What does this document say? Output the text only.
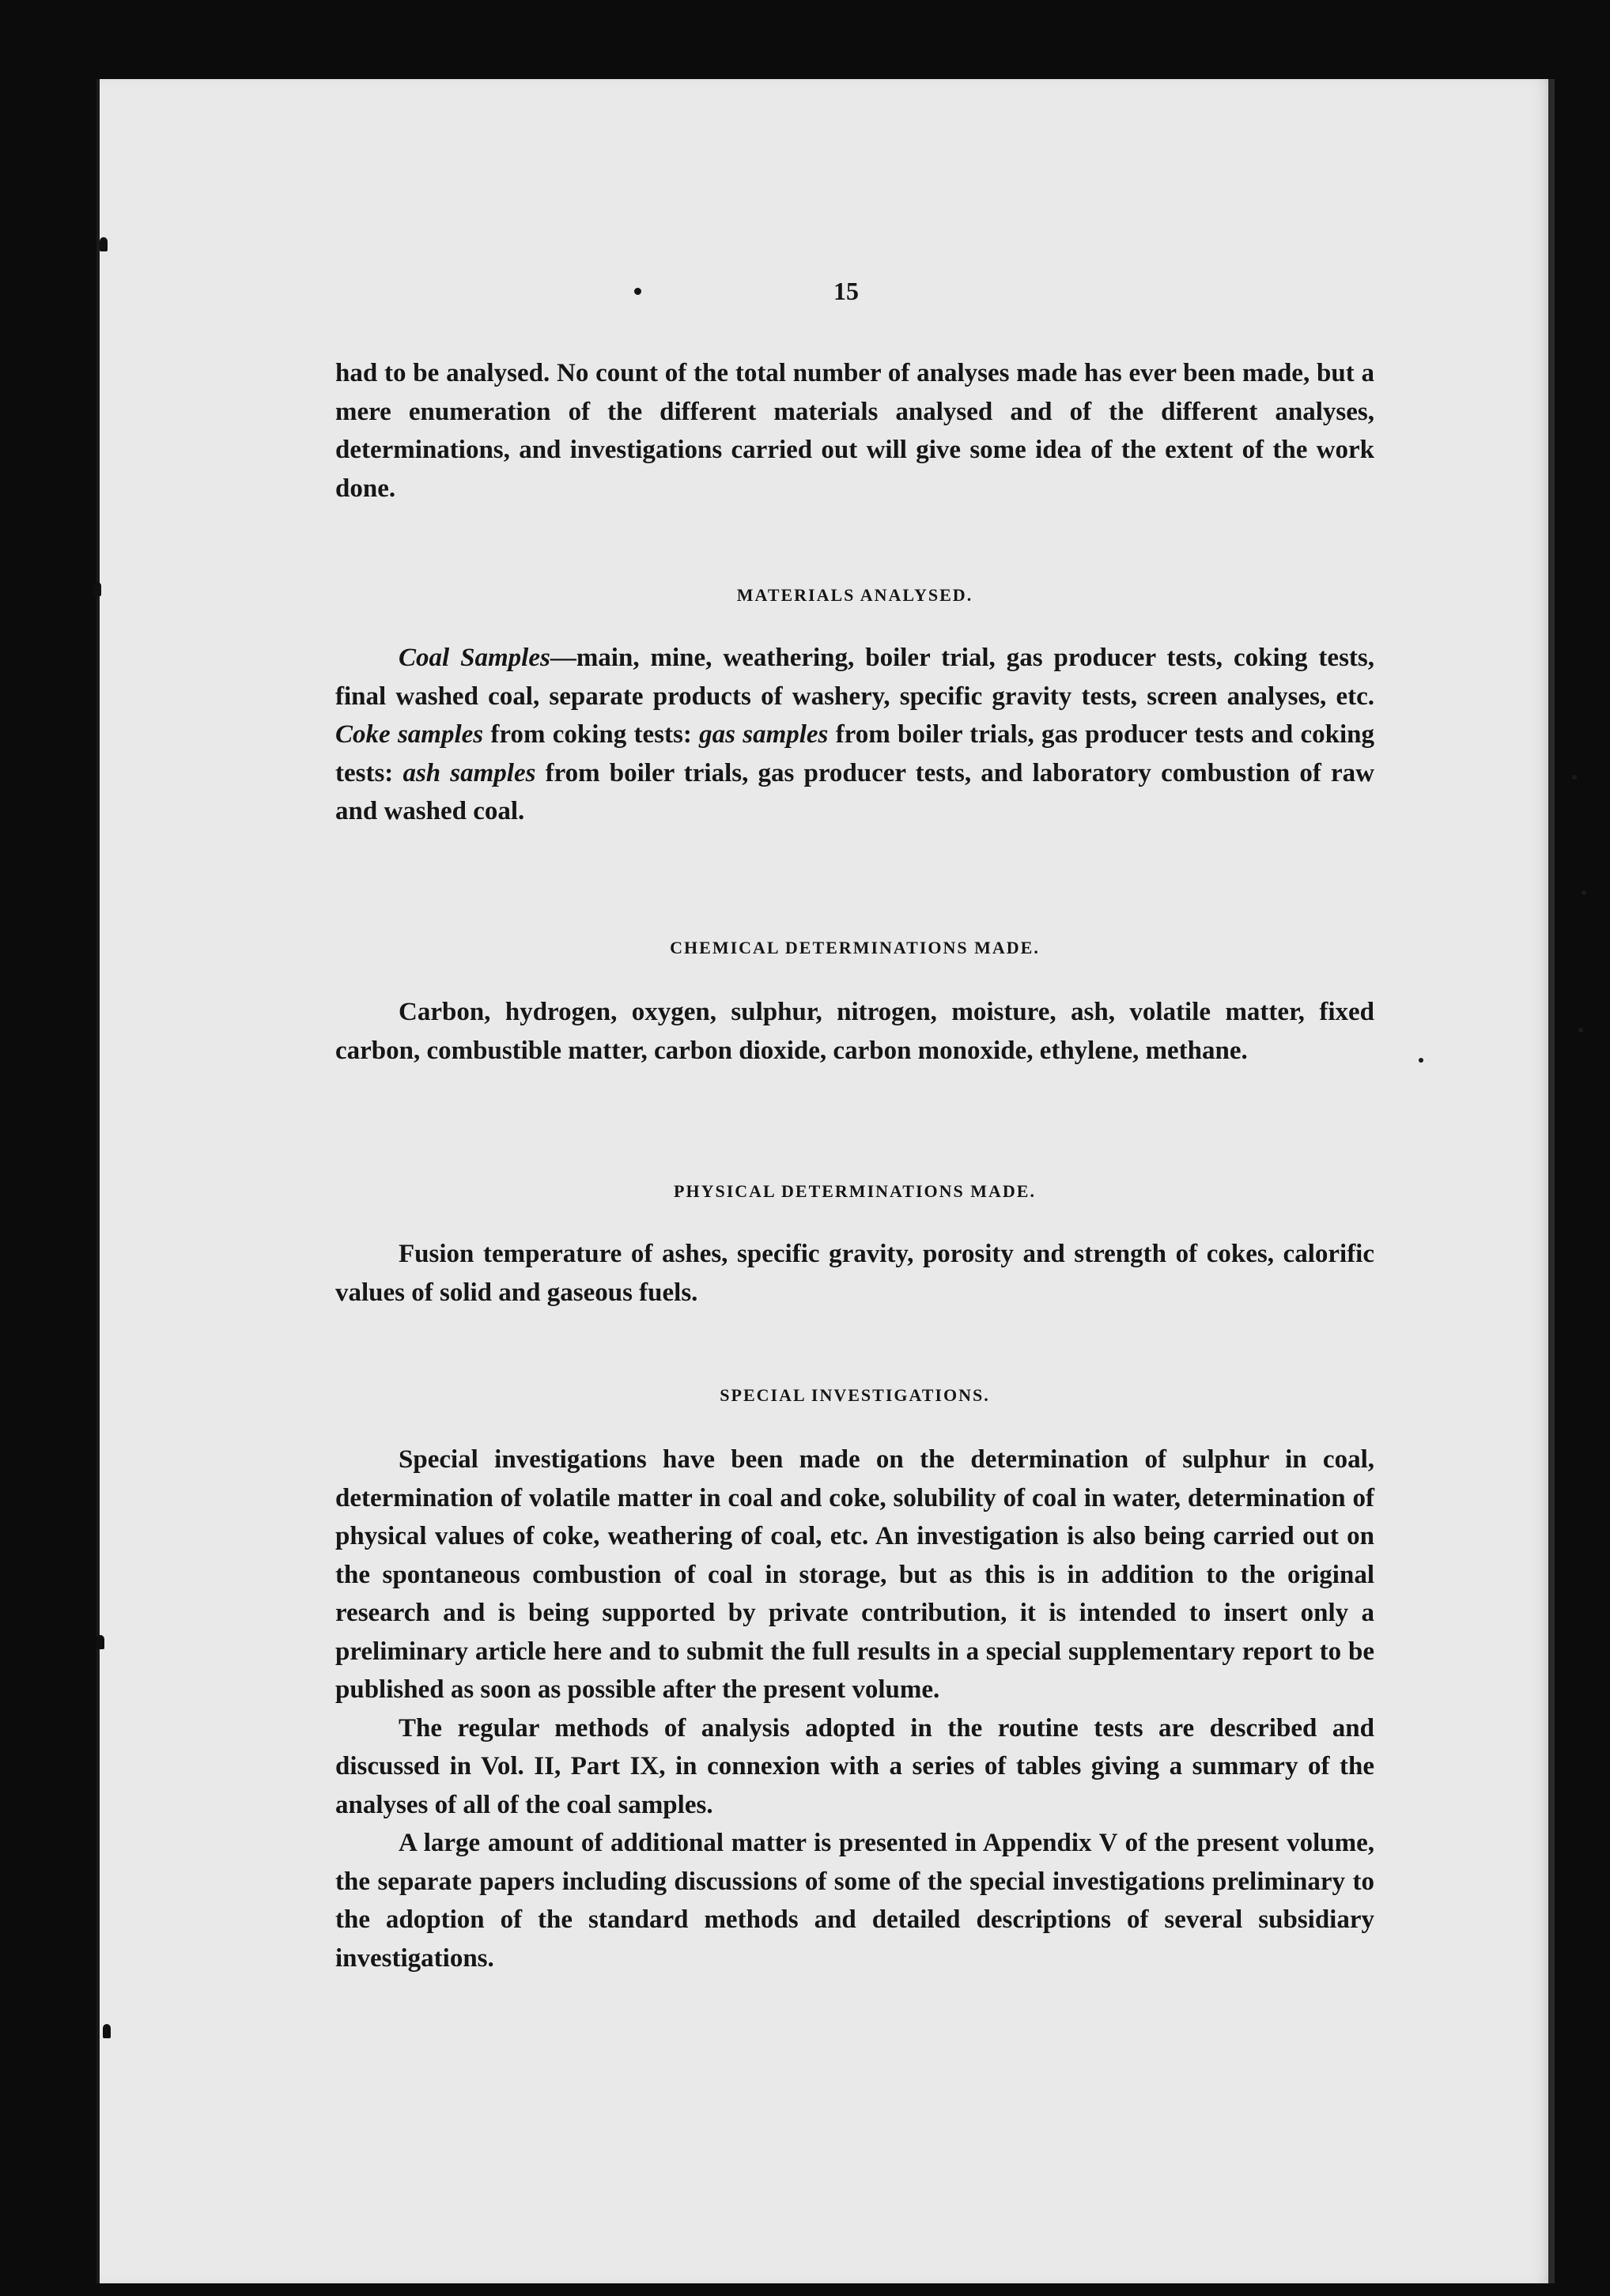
15

had to be analysed. No count of the total number of analyses made has ever been made, but a mere enumeration of the different materials analysed and of the different analyses, determinations, and investigations carried out will give some idea of the extent of the work done.

MATERIALS ANALYSED.

Coal Samples—main, mine, weathering, boiler trial, gas producer tests, coking tests, final washed coal, separate products of washery, specific gravity tests, screen analyses, etc. Coke samples from coking tests: gas samples from boiler trials, gas producer tests and coking tests: ash samples from boiler trials, gas producer tests, and laboratory combustion of raw and washed coal.

CHEMICAL DETERMINATIONS MADE.

Carbon, hydrogen, oxygen, sulphur, nitrogen, moisture, ash, volatile matter, fixed carbon, combustible matter, carbon dioxide, carbon monoxide, ethylene, methane.

PHYSICAL DETERMINATIONS MADE.

Fusion temperature of ashes, specific gravity, porosity and strength of cokes, calorific values of solid and gaseous fuels.

SPECIAL INVESTIGATIONS.

Special investigations have been made on the determination of sulphur in coal, determination of volatile matter in coal and coke, solubility of coal in water, determination of physical values of coke, weathering of coal, etc. An investigation is also being carried out on the spontaneous combustion of coal in storage, but as this is in addition to the original research and is being supported by private contribution, it is intended to insert only a preliminary article here and to submit the full results in a special supplementary report to be published as soon as possible after the present volume.

The regular methods of analysis adopted in the routine tests are described and discussed in Vol. II, Part IX, in connexion with a series of tables giving a summary of the analyses of all of the coal samples.

A large amount of additional matter is presented in Appendix V of the present volume, the separate papers including discussions of some of the special investigations preliminary to the adoption of the standard methods and detailed descriptions of several subsidiary investigations.
